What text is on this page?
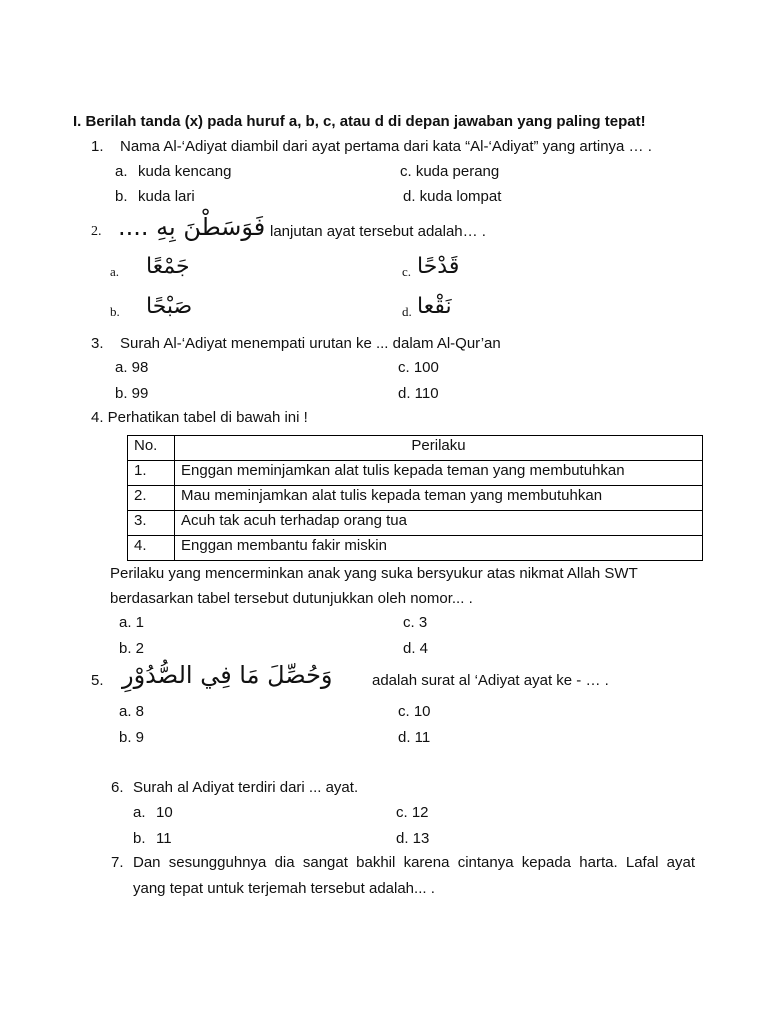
I. Berilah tanda (x) pada huruf a, b, c, atau d di depan jawaban yang paling tepat!
1. Nama Al-‘Adiyat diambil dari ayat pertama dari kata “Al-‘Adiyat” yang artinya … .
a. kuda kencang
b. kuda lari
c. kuda perang
d. kuda lompat
2. فَوَسَطْنَ بِهِ .... lanjutan ayat tersebut adalah… .
a. جَمْعًا
b. صَبْحًا
c. قَدْحًا
d. نَقْعا
3. Surah Al-‘Adiyat menempati urutan ke ... dalam Al-Qur’an
a. 98
b. 99
c. 100
d. 110
4. Perhatikan tabel di bawah ini !
No.	Perilaku
1.	Enggan meminjamkan alat tulis kepada teman yang membutuhkan
2.	Mau meminjamkan alat tulis kepada teman yang membutuhkan
3.	Acuh tak acuh terhadap orang tua
4.	Enggan membantu fakir miskin
Perilaku yang mencerminkan anak yang suka bersyukur atas nikmat Allah SWT
berdasarkan tabel tersebut dutunjukkan oleh nomor... .
a. 1
b. 2
c. 3
d. 4
5. وَحُصِّلَ مَا فِي الصُّدُوْرِ	adalah surat al ‘Adiyat ayat ke - … .
a. 8
b. 9
c. 10
d. 11
6. Surah al Adiyat terdiri dari ... ayat.
a. 10
b. 11
c. 12
d. 13
7. Dan sesungguhnya dia sangat bakhil karena cintanya kepada harta. Lafal ayat
yang tepat untuk terjemah tersebut adalah... .
